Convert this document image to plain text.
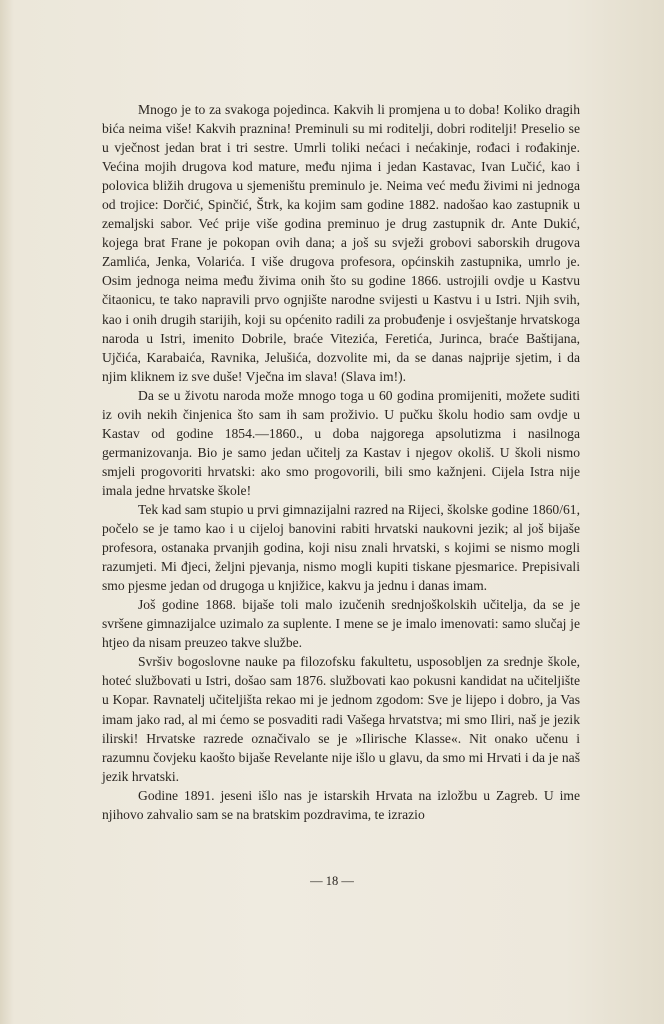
Mnogo je to za svakoga pojedinca. Kakvih li promjena u to doba! Koliko dragih bića neima više! Kakvih praznina! Preminuli su mi roditelji, dobri roditelji! Preselio se u vječnost jedan brat i tri sestre. Umrli toliki nećaci i nećakinje, rođaci i rođakinje. Većina mojih drugova kod mature, među njima i jedan Kastavac, Ivan Lučić, kao i polovica bližih drugova u sjemeništu preminulo je. Neima već među živimi ni jednoga od trojice: Dorčić, Spinčić, Štrk, ka kojim sam godine 1882. nadošao kao zastupnik u zemaljski sabor. Već prije više godina preminuo je drug zastupnik dr. Ante Dukić, kojega brat Frane je pokopan ovih dana; a još su svježi grobovi saborskih drugova Zamlića, Jenka, Volarića. I više drugova profesora, općinskih zastupnika, umrlo je. Osim jednoga neima među živima onih što su godine 1866. ustrojili ovdje u Kastvu čitaonicu, te tako napravili prvo ognjište narodne svijesti u Kastvu i u Istri. Njih svih, kao i onih drugih starijih, koji su općenito radili za probuđenje i osvještanje hrvatskoga naroda u Istri, imenito Dobrile, braće Vitezića, Feretića, Jurinca, braće Baštijana, Ujčića, Karabaića, Ravnika, Jelušića, dozvolite mi, da se danas najprije sjetim, i da njim kliknem iz sve duše! Vječna im slava! (Slava im!).

Da se u životu naroda može mnogo toga u 60 godina promijeniti, možete suditi iz ovih nekih činjenica što sam ih sam proživio. U pučku školu hodio sam ovdje u Kastav od godine 1854.—1860., u doba najgorega apsolutizma i nasilnoga germanizovanja. Bio je samo jedan učitelj za Kastav i njegov okoliš. U školi nismo smjeli progovoriti hrvatski: ako smo progovorili, bili smo kažnjeni. Cijela Istra nije imala jedne hrvatske škole!

Tek kad sam stupio u prvi gimnazijalni razred na Rijeci, školske godine 1860/61, počelo se je tamo kao i u cijeloj banovini rabiti hrvatski naukovni jezik; al još bijaše profesora, ostanaka prvanjih godina, koji nisu znali hrvatski, s kojimi se nismo mogli razumjeti. Mi đjeci, željni pjevanja, nismo mogli kupiti tiskane pjesmarice. Prepisivali smo pjesme jedan od drugoga u knjižice, kakvu ja jednu i danas imam.

Još godine 1868. bijaše toli malo izučenih srednjoškolskih učitelja, da se je svršene gimnazijalce uzimalo za suplente. I mene se je imalo imenovati: samo slučaj je htjeo da nisam preuzeo takve službe.

Svršiv bogoslovne nauke pa filozofsku fakultetu, usposobljen za srednje škole, hoteć službovati u Istri, došao sam 1876. službovati kao pokusni kandidat na učiteljište u Kopar. Ravnatelj učitelјišta rekao mi je jednom zgodom: Sve je lijepo i dobro, ja Vas imam jako rad, al mi ćemo se posvaditi radi Vašega hrvatstva; mi smo Iliri, naš je jezik ilirski! Hrvatske razrede označivalo se je »Ilirische Klasse«. Nit onako učenu i razumnu čovjeku kaošto bijaše Revelante nije išlo u glavu, da smo mi Hrvati i da je naš jezik hrvatski.

Godine 1891. jeseni išlo nas je istarskih Hrvata na izložbu u Zagreb. U ime njihovo zahvalio sam se na bratskim pozdravima, te izrazio

— 18 —
